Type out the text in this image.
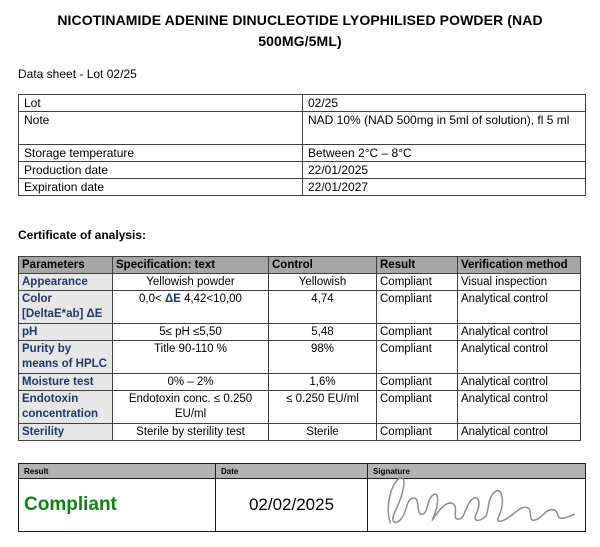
NICOTINAMIDE ADENINE DINUCLEOTIDE LYOPHILISED POWDER (NAD
500MG/5ML)
Data sheet - Lot 02/25
Lot	02/25
Note	NAD 10% (NAD 500mg in 5ml of solution), fl 5 ml
Storage temperature	Between 2°C – 8°C
Production date	22/01/2025
Expiration date	22/01/2027
Certificate of analysis:
Parameters	Specification: text	Control	Result	Verification method

Appearance	Yellowish powder	Yellowish	Compliant	Visual inspection

Color
[DeltaE*ab] ΔE	0,0< ΔE 4,42<10,00	4,74	Compliant	Analytical control

pH	5≤ pH ≤5,50	5,48	Compliant	Analytical control

Purity by
means of HPLC	Title 90-110 %	98%	Compliant	Analytical control

Moisture test	0% – 2%	1,6%	Compliant	Analytical control

Endotoxin
concentration	Endotoxin conc. ≤ 0.250 EU/ml	≤ 0.250 EU/ml	Compliant	Analytical control

Sterility	Sterile by sterility test	Sterile	Compliant	Analytical control
Result	Date	Signature
Compliant	02/02/2025	
